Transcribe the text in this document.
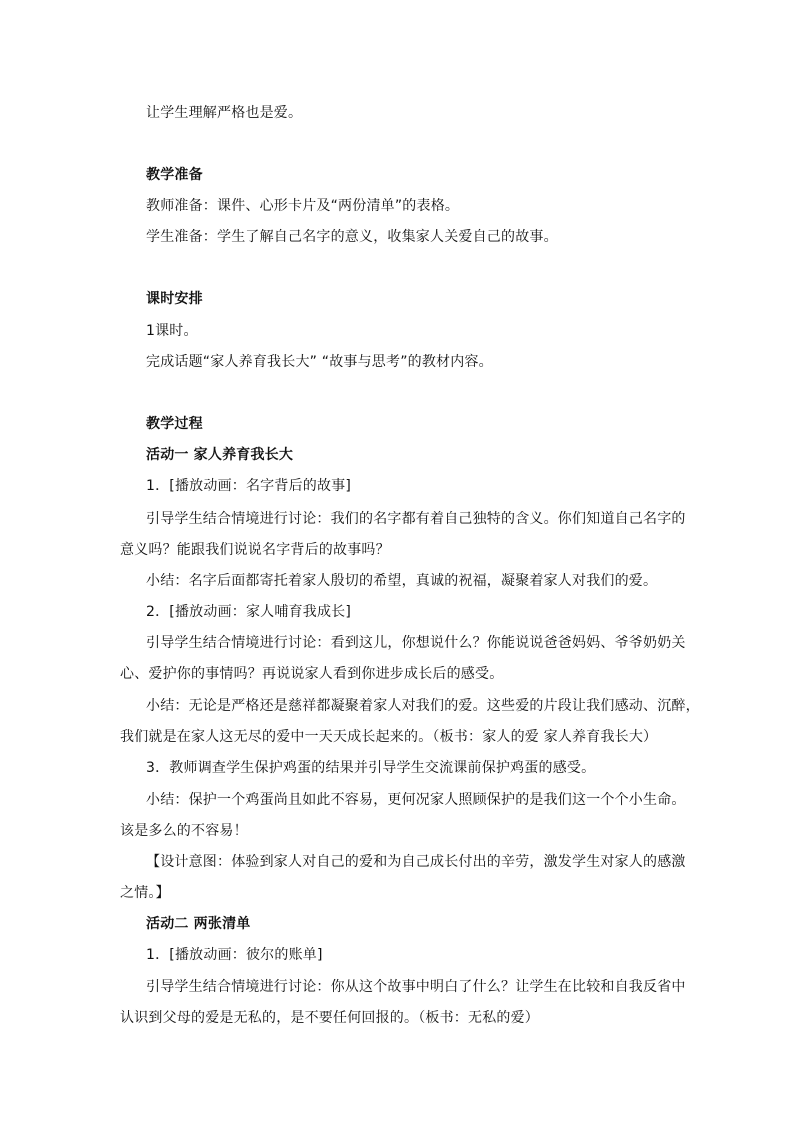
让学生理解严格也是爱。
教学准备
教师准备：课件、心形卡片及“两份清单”的表格。
学生准备：学生了解自己名字的意义，收集家人关爱自己的故事。
课时安排
1课时。
完成话题“家人养育我长大” “故事与思考”的教材内容。
教学过程
活动一 家人养育我长大
1．[播放动画：名字背后的故事]
引导学生结合情境进行讨论：我们的名字都有着自己独特的含义。你们知道自己名字的
意义吗？能跟我们说说名字背后的故事吗？
小结：名字后面都寄托着家人殷切的希望，真诚的祝福，凝聚着家人对我们的爱。
2．[播放动画：家人哺育我成长]
引导学生结合情境进行讨论：看到这儿，你想说什么？你能说说爸爸妈妈、爷爷奶奶关
心、爱护你的事情吗？再说说家人看到你进步成长后的感受。
小结：无论是严格还是慈祥都凝聚着家人对我们的爱。这些爱的片段让我们感动、沉醉，
我们就是在家人这无尽的爱中一天天成长起来的。（板书：家人的爱 家人养育我长大）
3．教师调查学生保护鸡蛋的结果并引导学生交流课前保护鸡蛋的感受。
小结：保护一个鸡蛋尚且如此不容易，更何况家人照顾保护的是我们这一个个小生命。
该是多么的不容易！
【设计意图：体验到家人对自己的爱和为自己成长付出的辛劳，激发学生对家人的感激
之情。】
活动二 两张清单
1．[播放动画：彼尔的账单]
引导学生结合情境进行讨论：你从这个故事中明白了什么？让学生在比较和自我反省中
认识到父母的爱是无私的，是不要任何回报的。（板书：无私的爱）
